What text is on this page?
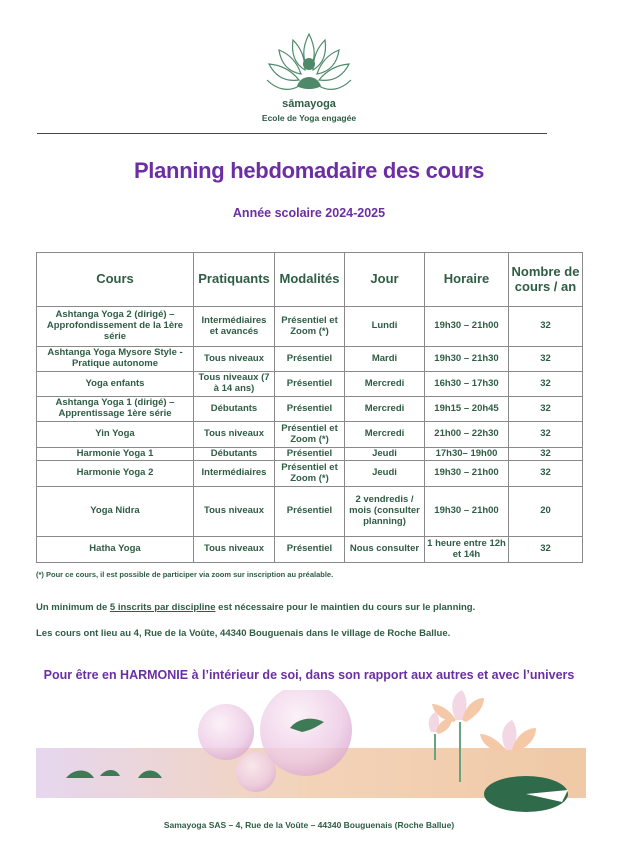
sāmayoga
Ecole de Yoga engagée
Planning hebdomadaire des cours
Année scolaire 2024-2025
Cours	Pratiquants	Modalités	Jour	Horaire	Nombre de cours / an
Ashtanga Yoga 2 (dirigé) – Approfondissement de la 1ère série	Intermédiaires et avancés	Présentiel et Zoom (*)	Lundi	19h30 – 21h00	32
Ashtanga Yoga Mysore Style - Pratique autonome	Tous niveaux	Présentiel	Mardi	19h30 – 21h30	32
Yoga enfants	Tous niveaux (7 à 14 ans)	Présentiel	Mercredi	16h30 – 17h30	32
Ashtanga Yoga 1 (dirigé) – Apprentissage 1ère série	Débutants	Présentiel	Mercredi	19h15 – 20h45	32
Yin Yoga	Tous niveaux	Présentiel et Zoom (*)	Mercredi	21h00 – 22h30	32
Harmonie Yoga 1	Débutants	Présentiel	Jeudi	17h30– 19h00	32
Harmonie Yoga 2	Intermédiaires	Présentiel et Zoom (*)	Jeudi	19h30 – 21h00	32
Yoga Nidra	Tous niveaux	Présentiel	2 vendredis / mois (consulter planning)	19h30 – 21h00	20
Hatha Yoga	Tous niveaux	Présentiel	Nous consulter	1 heure entre 12h et 14h	32
(*) Pour ce cours, il est possible de participer via zoom sur inscription au préalable.
Un minimum de 5 inscrits par discipline est nécessaire pour le maintien du cours sur le planning.
Les cours ont lieu au 4, Rue de la Voûte, 44340 Bouguenais dans le village de Roche Ballue.
Pour être en HARMONIE à l’intérieur de soi, dans son rapport aux autres et avec l’univers
Samayoga SAS – 4, Rue de la Voûte – 44340 Bouguenais (Roche Ballue)
